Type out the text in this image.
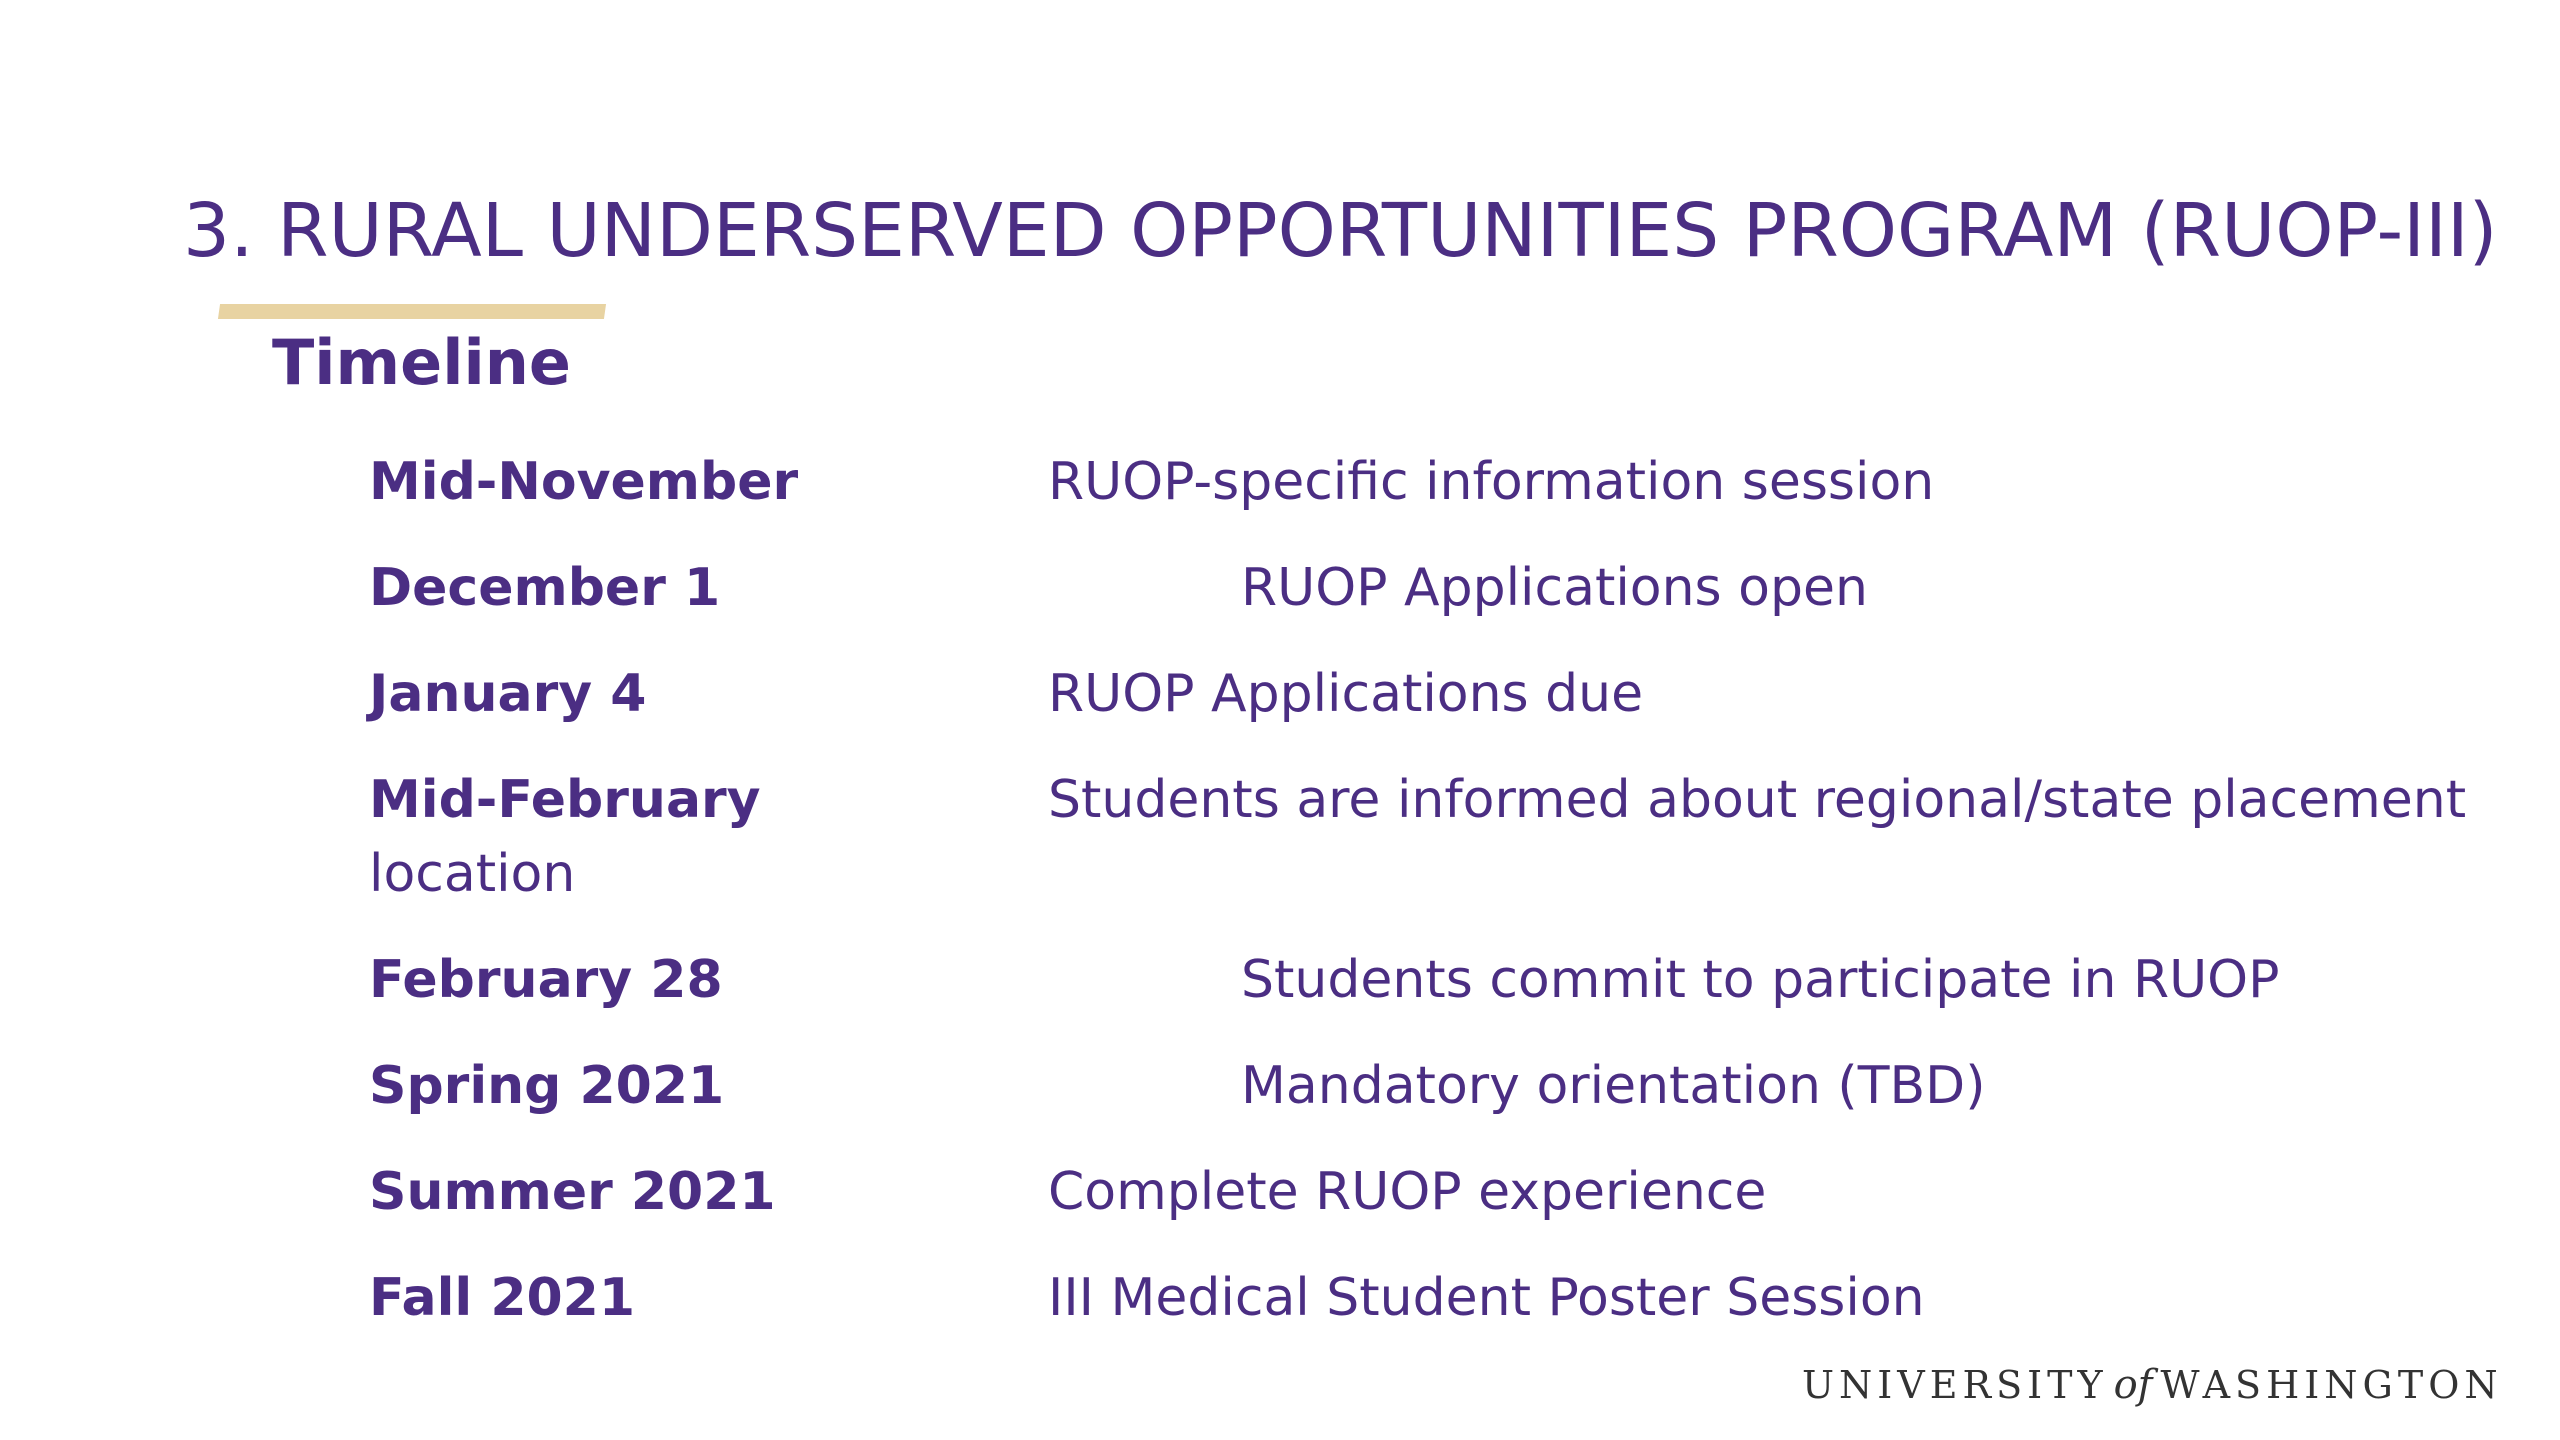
3. RURAL UNDERSERVED OPPORTUNITIES PROGRAM (RUOP-III)
Timeline
Mid-November	RUOP-specific information session
December 1	RUOP Applications open
January 4	RUOP Applications due
Mid-February	Students are informed about regional/state placement
location
February 28	Students commit to participate in RUOP
Spring 2021	Mandatory orientation (TBD)
Summer 2021	Complete RUOP experience
Fall 2021	III Medical Student Poster Session
UNIVERSITY of WASHINGTON
